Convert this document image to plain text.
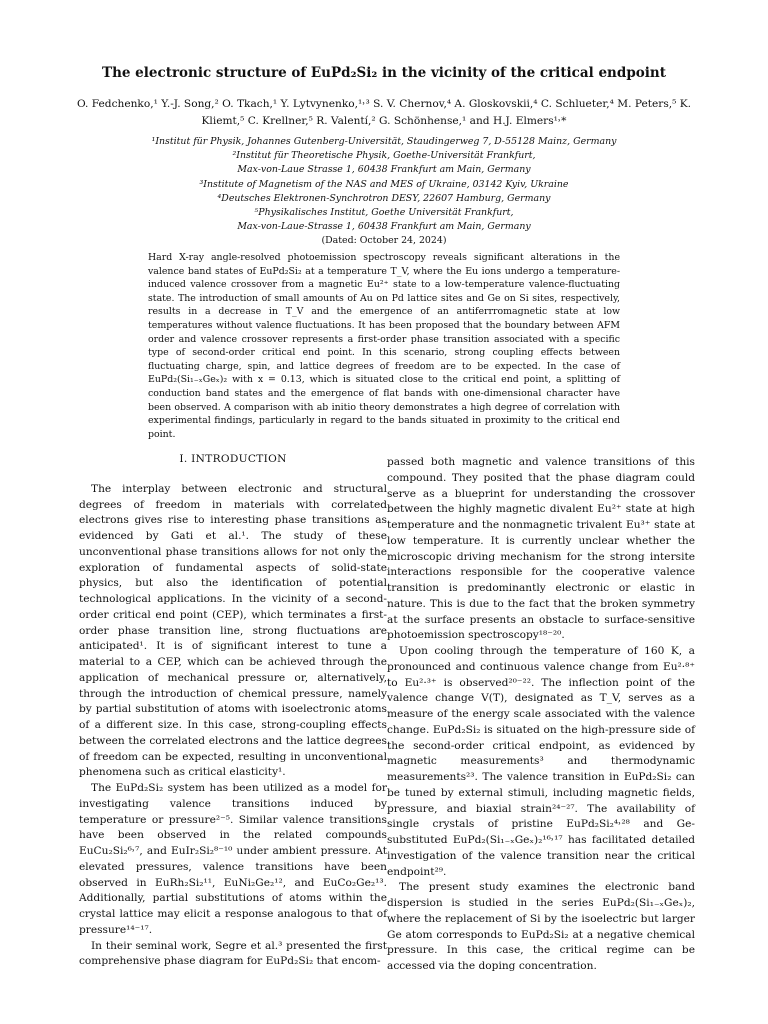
The electronic structure of EuPd₂Si₂ in the vicinity of the critical endpoint
O. Fedchenko,¹ Y.-J. Song,² O. Tkach,¹ Y. Lytvynenko,¹˒³ S. V. Chernov,⁴ A. Gloskovskii,⁴ C. Schlueter,⁴ M. Peters,⁵ K. Kliemt,⁵ C. Krellner,⁵ R. Valentí,² G. Schönhense,¹ and H.J. Elmers¹˒*
¹Institut für Physik, Johannes Gutenberg-Universität, Staudingerweg 7, D-55128 Mainz, Germany
²Institut für Theoretische Physik, Goethe-Universität Frankfurt,
Max-von-Laue Strasse 1, 60438 Frankfurt am Main, Germany
³Institute of Magnetism of the NAS and MES of Ukraine, 03142 Kyiv, Ukraine
⁴Deutsches Elektronen-Synchrotron DESY, 22607 Hamburg, Germany
⁵Physikalisches Institut, Goethe Universität Frankfurt,
Max-von-Laue-Strasse 1, 60438 Frankfurt am Main, Germany
(Dated: October 24, 2024)
Hard X-ray angle-resolved photoemission spectroscopy reveals significant alterations in the valence band states of EuPd₂Si₂ at a temperature T_V, where the Eu ions undergo a temperature-induced valence crossover from a magnetic Eu²⁺ state to a low-temperature valence-fluctuating state. The introduction of small amounts of Au on Pd lattice sites and Ge on Si sites, respectively, results in a decrease in T_V and the emergence of an antiferrromagnetic state at low temperatures without valence fluctuations. It has been proposed that the boundary between AFM order and valence crossover represents a first-order phase transition associated with a specific type of second-order critical end point. In this scenario, strong coupling effects between fluctuating charge, spin, and lattice degrees of freedom are to be expected. In the case of EuPd₂(Si₁₋ₓGeₓ)₂ with x = 0.13, which is situated close to the critical end point, a splitting of conduction band states and the emergence of flat bands with one-dimensional character have been observed. A comparison with ab initio theory demonstrates a high degree of correlation with experimental findings, particularly in regard to the bands situated in proximity to the critical end point.
I. INTRODUCTION

The interplay between electronic and structural degrees of freedom in materials with correlated electrons gives rise to interesting phase transitions as evidenced by Gati et al.¹. The study of these unconventional phase transitions allows for not only the exploration of fundamental aspects of solid-state physics, but also the identification of potential technological applications. In the vicinity of a second-order critical end point (CEP), which terminates a first-order phase transition line, strong fluctuations are anticipated¹. It is of significant interest to tune a material to a CEP, which can be achieved through the application of mechanical pressure or, alternatively, through the introduction of chemical pressure, namely by partial substitution of atoms with isoelectronic atoms of a different size. In this case, strong-coupling effects between the correlated electrons and the lattice degrees of freedom can be expected, resulting in unconventional phenomena such as critical elasticity¹.

The EuPd₂Si₂ system has been utilized as a model for investigating valence transitions induced by temperature or pressure²⁻⁵. Similar valence transitions have been observed in the related compounds EuCu₂Si₂⁶˒⁷, and EuIr₂Si₂⁸⁻¹⁰ under ambient pressure. At elevated pressures, valence transitions have been observed in EuRh₂Si₂¹¹, EuNi₂Ge₂¹², and EuCo₂Ge₂¹³. Additionally, partial substitutions of atoms within the crystal lattice may elicit a response analogous to that of pressure¹⁴⁻¹⁷.

In their seminal work, Segre et al.³ presented the first comprehensive phase diagram for EuPd₂Si₂ that encom-

passed both magnetic and valence transitions of this compound. They posited that the phase diagram could serve as a blueprint for understanding the crossover between the highly magnetic divalent Eu²⁺ state at high temperature and the nonmagnetic trivalent Eu³⁺ state at low temperature. It is currently unclear whether the microscopic driving mechanism for the strong intersite interactions responsible for the cooperative valence transition is predominantly electronic or elastic in nature. This is due to the fact that the broken symmetry at the surface presents an obstacle to surface-sensitive photoemission spectroscopy¹⁸⁻²⁰.

Upon cooling through the temperature of 160 K, a pronounced and continuous valence change from Eu²·⁸⁺ to Eu²·³⁺ is observed²⁰⁻²². The inflection point of the valence change V(T), designated as T_V, serves as a measure of the energy scale associated with the valence change. EuPd₂Si₂ is situated on the high-pressure side of the second-order critical endpoint, as evidenced by magnetic measurements³ and thermodynamic measurements²³. The valence transition in EuPd₂Si₂ can be tuned by external stimuli, including magnetic fields, pressure, and biaxial strain²⁴⁻²⁷. The availability of single crystals of pristine EuPd₂Si₂⁴˒²⁸ and Ge-substituted EuPd₂(Si₁₋ₓGeₓ)₂¹⁶˒¹⁷ has facilitated detailed investigation of the valence transition near the critical endpoint²⁹.

The present study examines the electronic band dispersion is studied in the series EuPd₂(Si₁₋ₓGeₓ)₂, where the replacement of Si by the isoelectric but larger Ge atom corresponds to EuPd₂Si₂ at a negative chemical pressure. In this case, the critical regime can be accessed via the doping concentration.
